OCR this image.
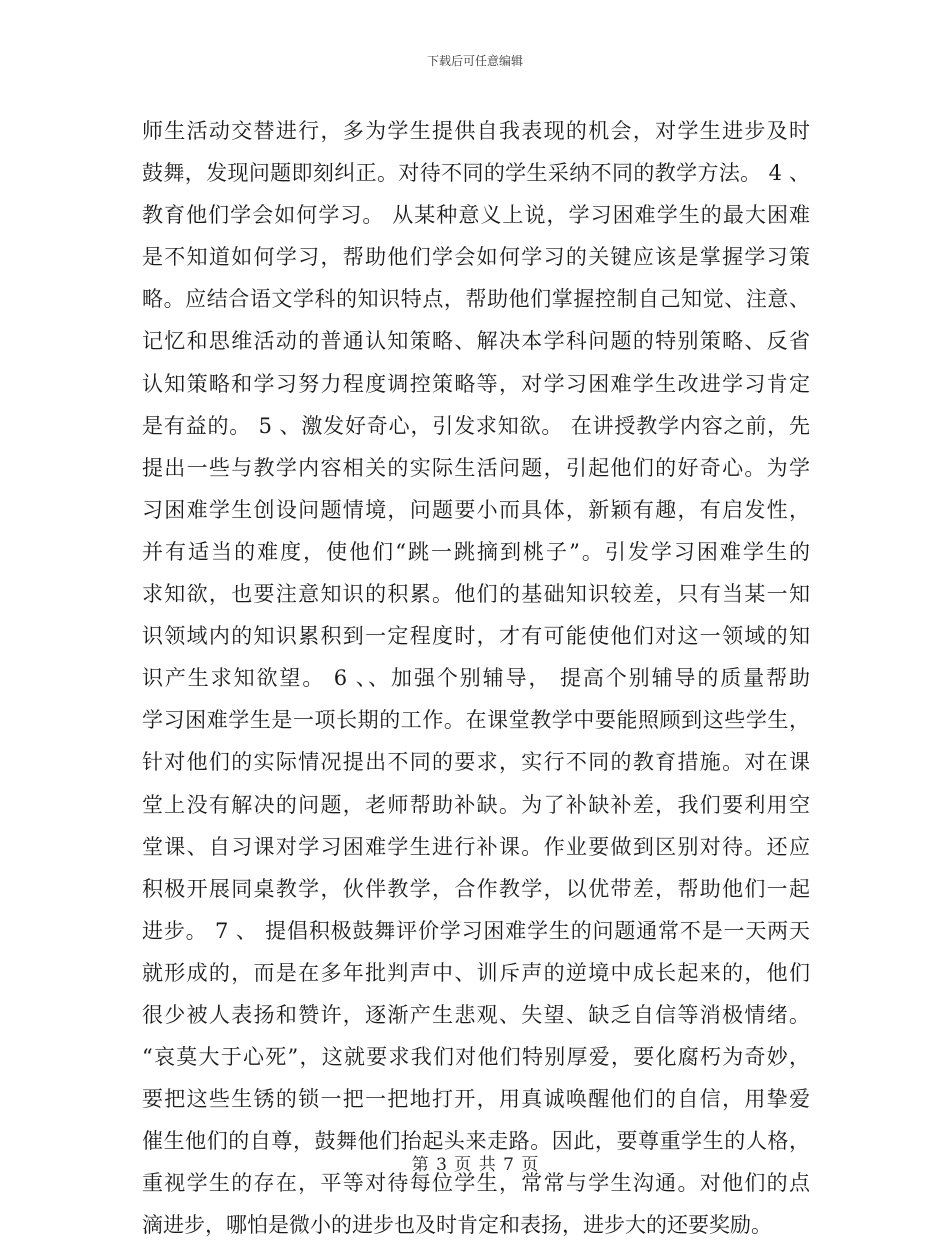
下载后可任意编辑
师生活动交替进行，多为学生提供自我表现的机会，对学生进步及时
鼓舞，发现问题即刻纠正。对待不同的学生采纳不同的教学方法。 4 、
教育他们学会如何学习。 从某种意义上说，学习困难学生的最大困难
是不知道如何学习，帮助他们学会如何学习的关键应该是掌握学习策
略。应结合语文学科的知识特点，帮助他们掌握控制自己知觉、注意、
记忆和思维活动的普通认知策略、解决本学科问题的特别策略、反省
认知策略和学习努力程度调控策略等，对学习困难学生改进学习肯定
是有益的。 5 、激发好奇心，引发求知欲。 在讲授教学内容之前，先
提出一些与教学内容相关的实际生活问题，引起他们的好奇心。为学
习困难学生创设问题情境，问题要小而具体，新颖有趣，有启发性，
并有适当的难度，使他们“跳一跳摘到桃子”。引发学习困难学生的
求知欲，也要注意知识的积累。他们的基础知识较差，只有当某一知
识领域内的知识累积到一定程度时，才有可能使他们对这一领域的知
识产生求知欲望。 6 、、加强个别辅导， 提高个别辅导的质量帮助
学习困难学生是一项长期的工作。在课堂教学中要能照顾到这些学生，
针对他们的实际情况提出不同的要求，实行不同的教育措施。对在课
堂上没有解决的问题，老师帮助补缺。为了补缺补差，我们要利用空
堂课、自习课对学习困难学生进行补课。作业要做到区别对待。还应
积极开展同桌教学，伙伴教学，合作教学，以优带差，帮助他们一起
进步。 7 、 提倡积极鼓舞评价学习困难学生的问题通常不是一天两天
就形成的，而是在多年批判声中、训斥声的逆境中成长起来的，他们
很少被人表扬和赞许，逐渐产生悲观、失望、缺乏自信等消极情绪。
“哀莫大于心死”，这就要求我们对他们特别厚爱，要化腐朽为奇妙，
要把这些生锈的锁一把一把地打开，用真诚唤醒他们的自信，用挚爱
催生他们的自尊，鼓舞他们抬起头来走路。因此，要尊重学生的人格，
重视学生的存在，平等对待每位学生，常常与学生沟通。对他们的点
滴进步，哪怕是微小的进步也及时肯定和表扬，进步大的还要奖励。
第 3 页 共 7 页
